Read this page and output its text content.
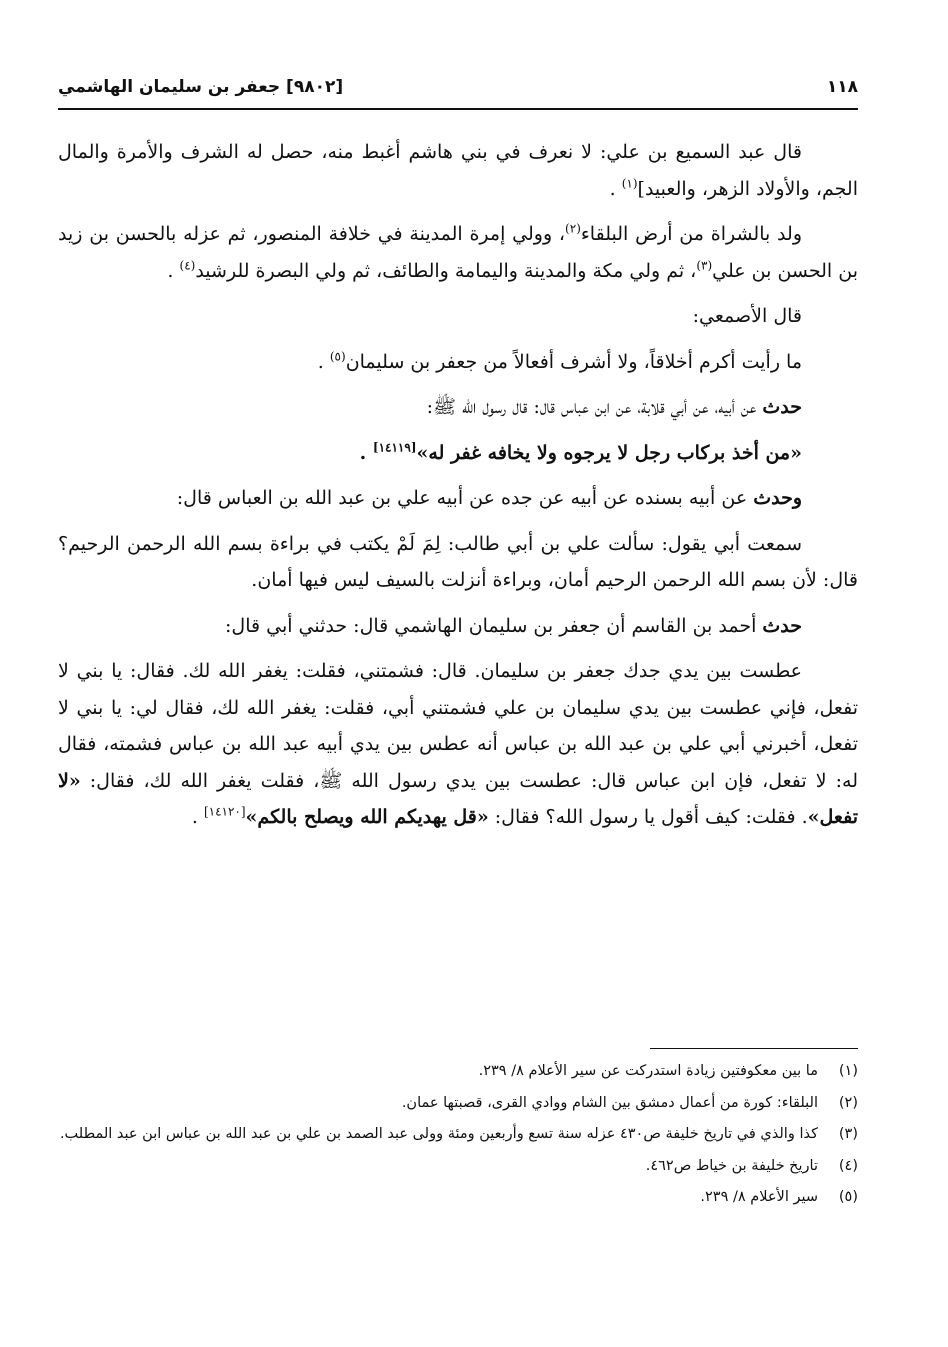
١١٨
[٩٨٠٢] جعفر بن سليمان الهاشمي

قال عبد السميع بن علي: لا نعرف في بني هاشم أغبط منه، حصل له الشرف والأمرة والمال الجم، والأولاد الزهر، والعبيد]$^{(١)}$ .

ولد بالشراة من أرض البلقاء$^{(٢)}$، وولي إمرة المدينة في خلافة المنصور، ثم عزله بالحسن بن زيد بن الحسن بن علي$^{(٣)}$، ثم ولي مكة والمدينة واليمامة والطائف، ثم ولي البصرة للرشيد$^{(٤)}$ .

قال الأصمعي:

ما رأيت أكرم أخلاقاً، ولا أشرف أفعالاً من جعفر بن سليمان$^{(٥)}$ .

حدث عن أبيه، عن أبي قلابة، عن ابن عباس قال: قال رسول الله ﷺ:

«من أخذ بركاب رجل لا يرجوه ولا يخافه غفر له»[١٤١١٩] .

وحدث عن أبيه بسنده عن أبيه عن جده عن أبيه علي بن عبد الله بن العباس قال:

سمعت أبي يقول: سألت علي بن أبي طالب: لِمَ لَمْ يكتب في براءة بسم الله الرحمن الرحيم؟ قال: لأن بسم الله الرحمن الرحيم أمان، وبراءة أنزلت بالسيف ليس فيها أمان.

حدث أحمد بن القاسم أن جعفر بن سليمان الهاشمي قال: حدثني أبي قال:

عطست بين يدي جدك جعفر بن سليمان. قال: فشمتني، فقلت: يغفر الله لك. فقال: يا بني لا تفعل، فإني عطست بين يدي سليمان بن علي فشمتني أبي، فقلت: يغفر الله لك، فقال لي: يا بني لا تفعل، أخبرني أبي علي بن عبد الله بن عباس أنه عطس بين يدي أبيه عبد الله بن عباس فشمته، فقال له: لا تفعل، فإن ابن عباس قال: عطست بين يدي رسول الله ﷺ، فقلت يغفر الله لك، فقال: «لا تفعل». فقلت: كيف أقول يا رسول الله؟ فقال: «قل يهديكم الله ويصلح بالكم»[١٤١٢٠] .

(١)
ما بين معكوفتين زيادة استدركت عن سير الأعلام ٨/ ٢٣٩.
(٢)
البلقاء: كورة من أعمال دمشق بين الشام ووادي القرى، قصبتها عمان.
(٣)
كذا والذي في تاريخ خليفة ص٤٣٠ عزله سنة تسع وأربعين ومئة وولى عبد الصمد بن علي بن عبد الله بن عباس ابن عبد المطلب.
(٤)
تاريخ خليفة بن خياط ص٤٦٢.
(٥)
سير الأعلام ٨/ ٢٣٩.
